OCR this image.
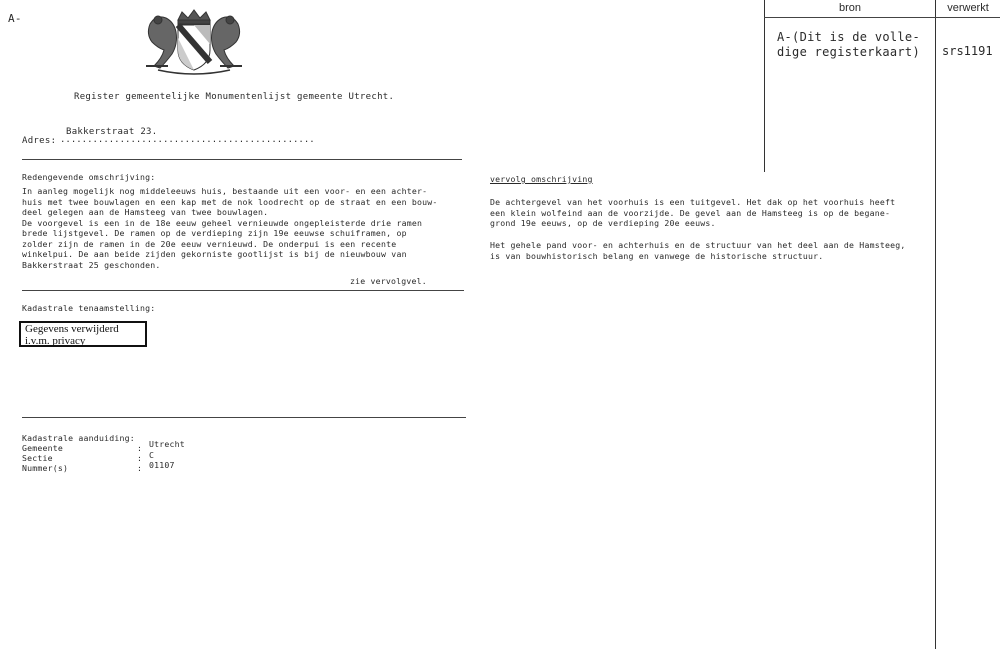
A-
Register gemeentelijke Monumentenlijst gemeente Utrecht.
Bakkerstraat 23.
Adres: ...............................................
Redengevende omschrijving:

In aanleg mogelijk nog middeleeuws huis, bestaande uit een voor- en een achter-

huis met twee bouwlagen en een kap met de nok loodrecht op de straat en een bouw-

deel gelegen aan de Hamsteeg van twee bouwlagen.

De voorgevel is een in de 18e eeuw geheel vernieuwde ongepleisterde drie ramen

brede lijstgevel. De ramen op de verdieping zijn 19e eeuwse schuiframen, op

zolder zijn de ramen in de 20e eeuw vernieuwd. De onderpui is een recente

winkelpui. De aan beide zijden gekorniste gootlijst is bij de nieuwbouw van

Bakkerstraat 25 geschonden.

zie vervolgvel.
Kadastrale tenaamstelling:
Gegevens verwijderd i.v.m. privacy
Kadastrale aanduiding:
Gemeente	: Utrecht
Sectie	: C
Nummer(s)	: 01107
vervolg omschrijving

De achtergevel van het voorhuis is een tuitgevel. Het dak op het voorhuis heeft

een klein wolfeind aan de voorzijde. De gevel aan de Hamsteeg is op de begane-

grond 19e eeuws, op de verdieping 20e eeuws.

Het gehele pand voor- en achterhuis en de structuur van het deel aan de Hamsteeg,

is van bouwhistorisch belang en vanwege de historische structuur.

bron	verwerkt
A-(Dit is de volle-
dige registerkaart) srs1191
